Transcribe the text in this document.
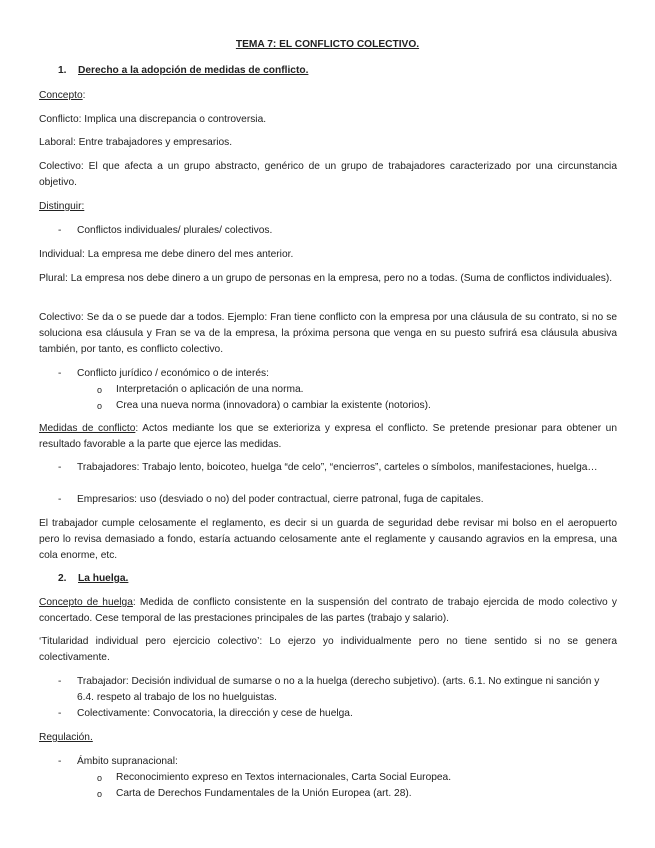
TEMA 7: EL CONFLICTO COLECTIVO.
1. Derecho a la adopción de medidas de conflicto.
Concepto:
Conflicto: Implica una discrepancia o controversia.
Laboral: Entre trabajadores y empresarios.
Colectivo: El que afecta a un grupo abstracto, genérico de un grupo de trabajadores caracterizado por una circunstancia objetivo.
Distinguir:
- Conflictos individuales/ plurales/ colectivos.
Individual: La empresa me debe dinero del mes anterior.
Plural: La empresa nos debe dinero a un grupo de personas en la empresa, pero no a todas. (Suma de conflictos individuales).
Colectivo: Se da o se puede dar a todos. Ejemplo: Fran tiene conflicto con la empresa por una cláusula de su contrato, si no se soluciona esa cláusula y Fran se va de la empresa, la próxima persona que venga en su puesto sufrirá esa cláusula abusiva también, por tanto, es conflicto colectivo.
- Conflicto jurídico / económico o de interés:
o Interpretación o aplicación de una norma.
o Crea una nueva norma (innovadora) o cambiar la existente (notorios).
Medidas de conflicto: Actos mediante los que se exterioriza y expresa el conflicto. Se pretende presionar para obtener un resultado favorable a la parte que ejerce las medidas.
- Trabajadores: Trabajo lento, boicoteo, huelga “de celo”, “encierros”, carteles o símbolos, manifestaciones, huelga…
- Empresarios: uso (desviado o no) del poder contractual, cierre patronal, fuga de capitales.
El trabajador cumple celosamente el reglamento, es decir si un guarda de seguridad debe revisar mi bolso en el aeropuerto pero lo revisa demasiado a fondo, estaría actuando celosamente ante el reglamente y causando agravios en la empresa, una cola enorme, etc.
2. La huelga.
Concepto de huelga: Medida de conflicto consistente en la suspensión del contrato de trabajo ejercida de modo colectivo y concertado. Cese temporal de las prestaciones principales de las partes (trabajo y salario).
‘Titularidad individual pero ejercicio colectivo’: Lo ejerzo yo individualmente pero no tiene sentido si no se genera colectivamente.
- Trabajador: Decisión individual de sumarse o no a la huelga (derecho subjetivo). (arts. 6.1. No extingue ni sanción y 6.4. respeto al trabajo de los no huelguistas.
- Colectivamente: Convocatoria, la dirección y cese de huelga.
Regulación.
- Ámbito supranacional:
o Reconocimiento expreso en Textos internacionales, Carta Social Europea.
o Carta de Derechos Fundamentales de la Unión Europea (art. 28).
